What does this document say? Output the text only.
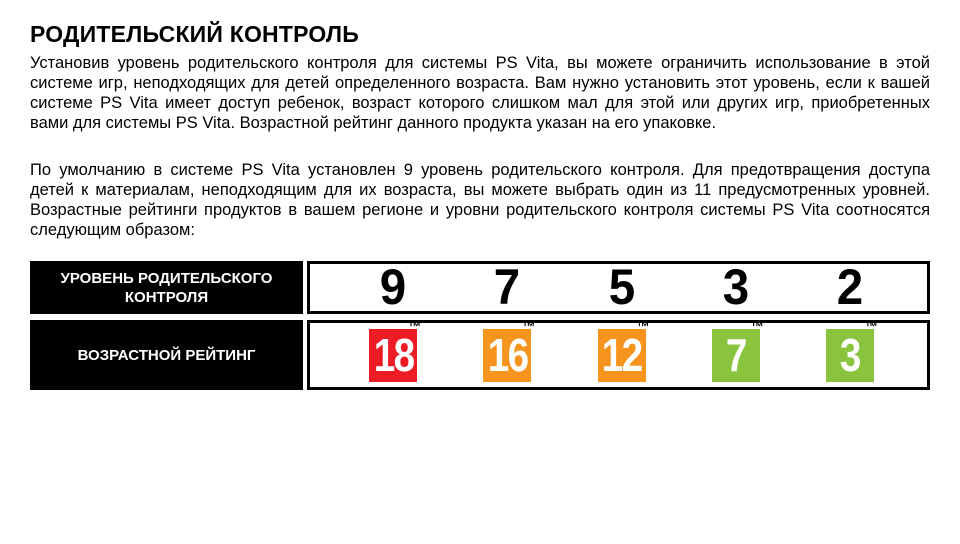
РОДИТЕЛЬСКИЙ КОНТРОЛЬ

Установив уровень родительского контроля для системы PS Vita, вы можете ограничить использование в этой системе игр, неподходящих для детей определенного возраста. Вам нужно установить этот уровень, если к вашей системе PS Vita имеет доступ ребенок, возраст которого слишком мал для этой или других игр, приобретенных вами для системы PS Vita. Возрастной рейтинг данного продукта указан на его упаковке.

По умолчанию в системе PS Vita установлен 9 уровень родительского контроля. Для предотвращения доступа детей к материалам, неподходящим для их возраста, вы можете выбрать один из 11 предусмотренных уровней. Возрастные рейтинги продуктов в вашем регионе и уровни родительского контроля системы PS Vita соотносятся следующим образом:

УРОВЕНЬ РОДИТЕЛЬСКОГО КОНТРОЛЯ	9 7 5 3 2
ВОЗРАСТНОЙ РЕЙТИНГ	18
™
16
™
12
™
7
™
3
™
